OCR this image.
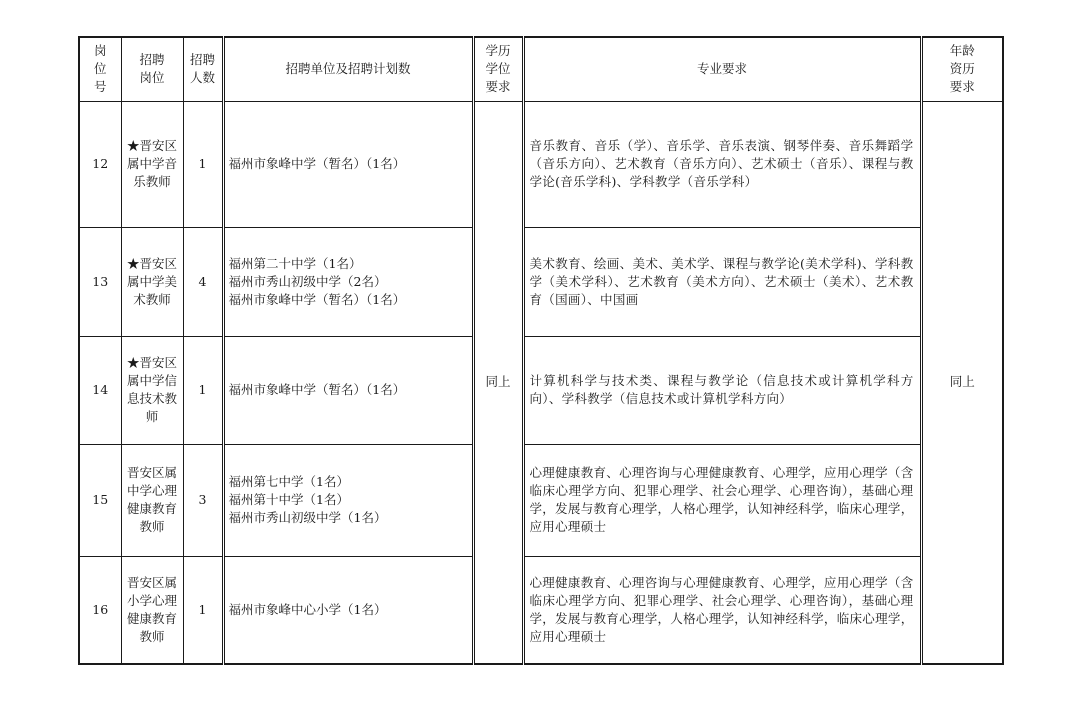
岗位号	招聘岗位	招聘人数	招聘单位及招聘计划数	学历学位要求	专业要求	年龄资历要求

12	★晋安区属中学音乐教师	1	福州市象峰中学（暂名）（1名）	同上	音乐教育、音乐（学）、音乐学、音乐表演、钢琴伴奏、音乐舞蹈学（音乐方向）、艺术教育（音乐方向）、艺术硕士（音乐）、课程与教学论(音乐学科)、学科教学（音乐学科）	同上
13	★晋安区属中学美术教师	4	福州第二十中学（1名）
福州市秀山初级中学（2名）
福州市象峰中学（暂名）（1名）		美术教育、绘画、美术、美术学、课程与教学论(美术学科)、学科教学（美术学科）、艺术教育（美术方向）、艺术硕士（美术）、艺术教育（国画）、中国画	
14	★晋安区属中学信息技术教师	1	福州市象峰中学（暂名）（1名）		计算机科学与技术类、课程与教学论（信息技术或计算机学科方向）、学科教学（信息技术或计算机学科方向）	
15	晋安区属中学心理健康教育教师	3	福州第七中学（1名）
福州第十中学（1名）
福州市秀山初级中学（1名）		心理健康教育、心理咨询与心理健康教育、心理学，应用心理学（含临床心理学方向、犯罪心理学、社会心理学、心理咨询），基础心理学，发展与教育心理学，人格心理学，认知神经科学，临床心理学，应用心理硕士	
16	晋安区属小学心理健康教育教师	1	福州市象峰中心小学（1名）		心理健康教育、心理咨询与心理健康教育、心理学，应用心理学（含临床心理学方向、犯罪心理学、社会心理学、心理咨询），基础心理学，发展与教育心理学，人格心理学，认知神经科学，临床心理学，应用心理硕士	
